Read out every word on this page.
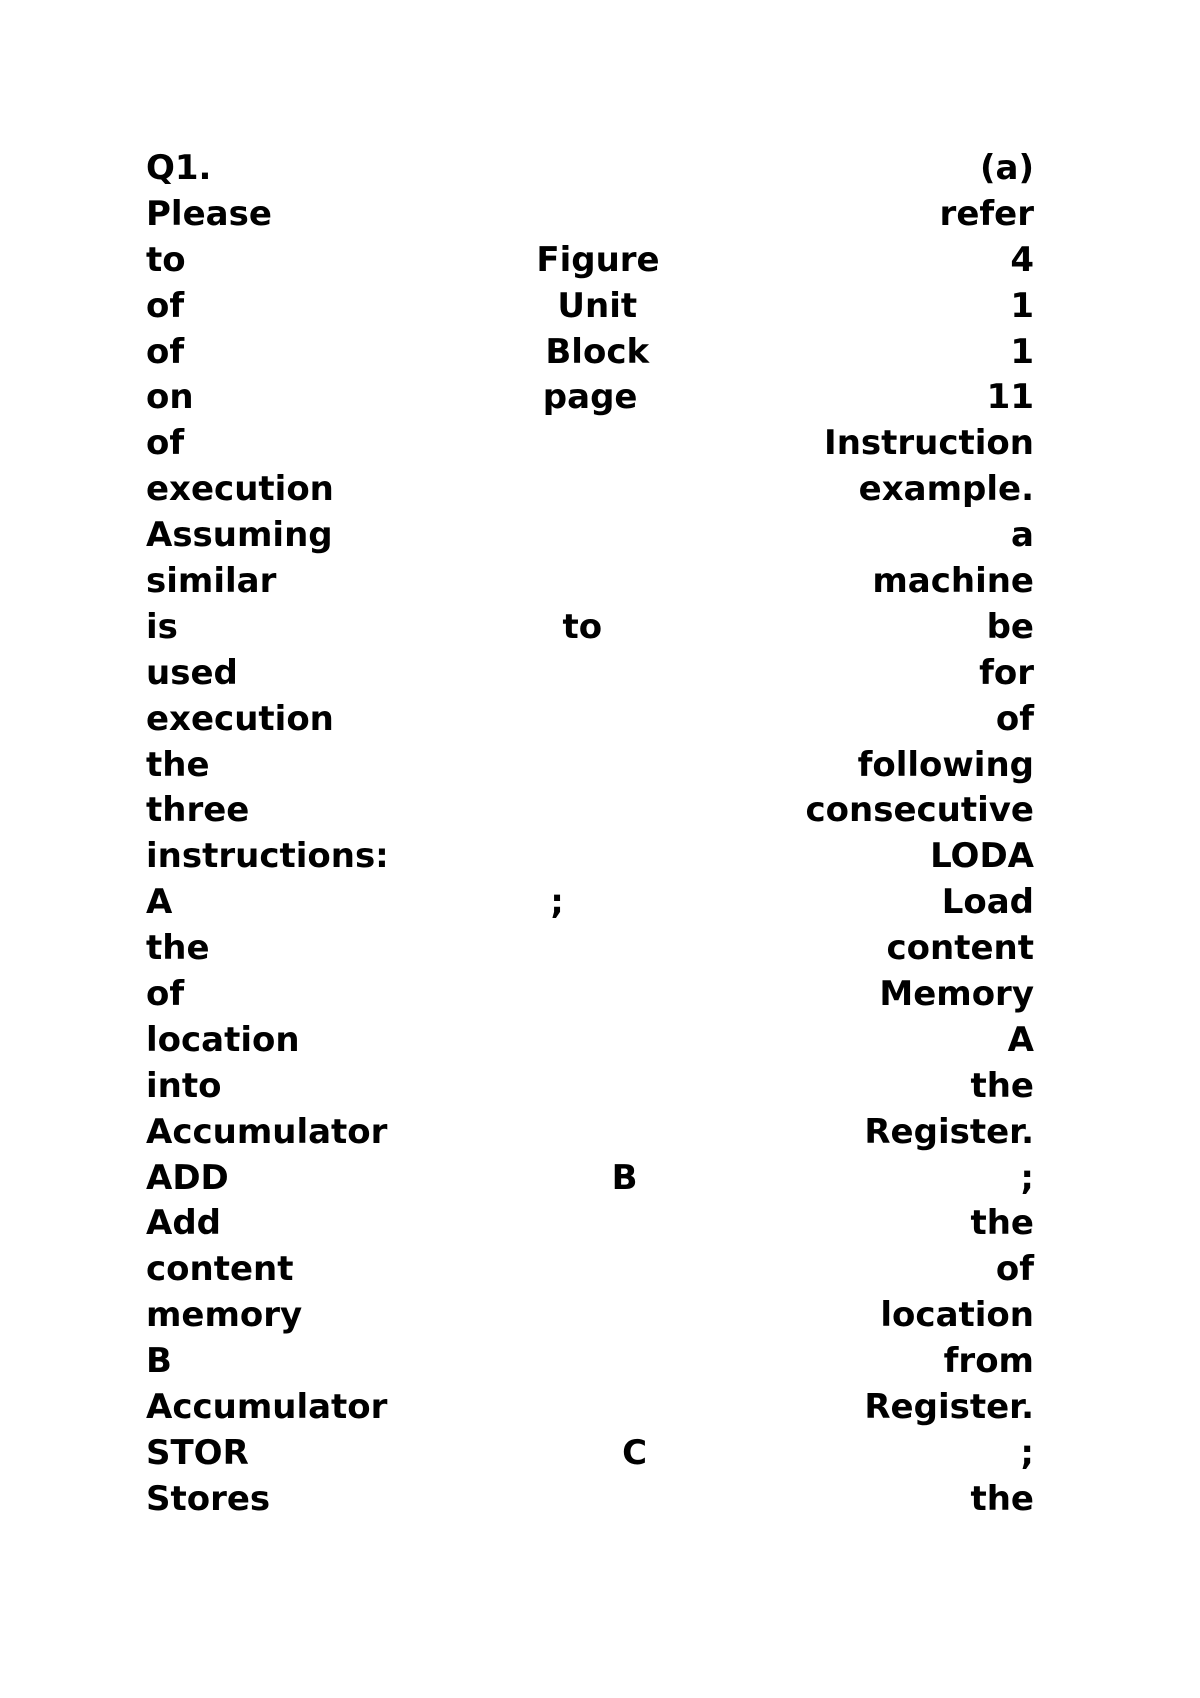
Q1.	(a)
Please	refer
to	Figure	4
of	Unit	1
of	Block	1
on	page	11
of	Instruction
execution	example.
Assuming	a
similar	machine
is	to	be
used	for
execution	of
the	following
three	consecutive
instructions:	LODA
A	;	Load
the	content
of	Memory
location	A
into	the
Accumulator	Register.
ADD	B	;
Add	the
content	of
memory	location
B	from
Accumulator	Register.
STOR	C	;
Stores	the
